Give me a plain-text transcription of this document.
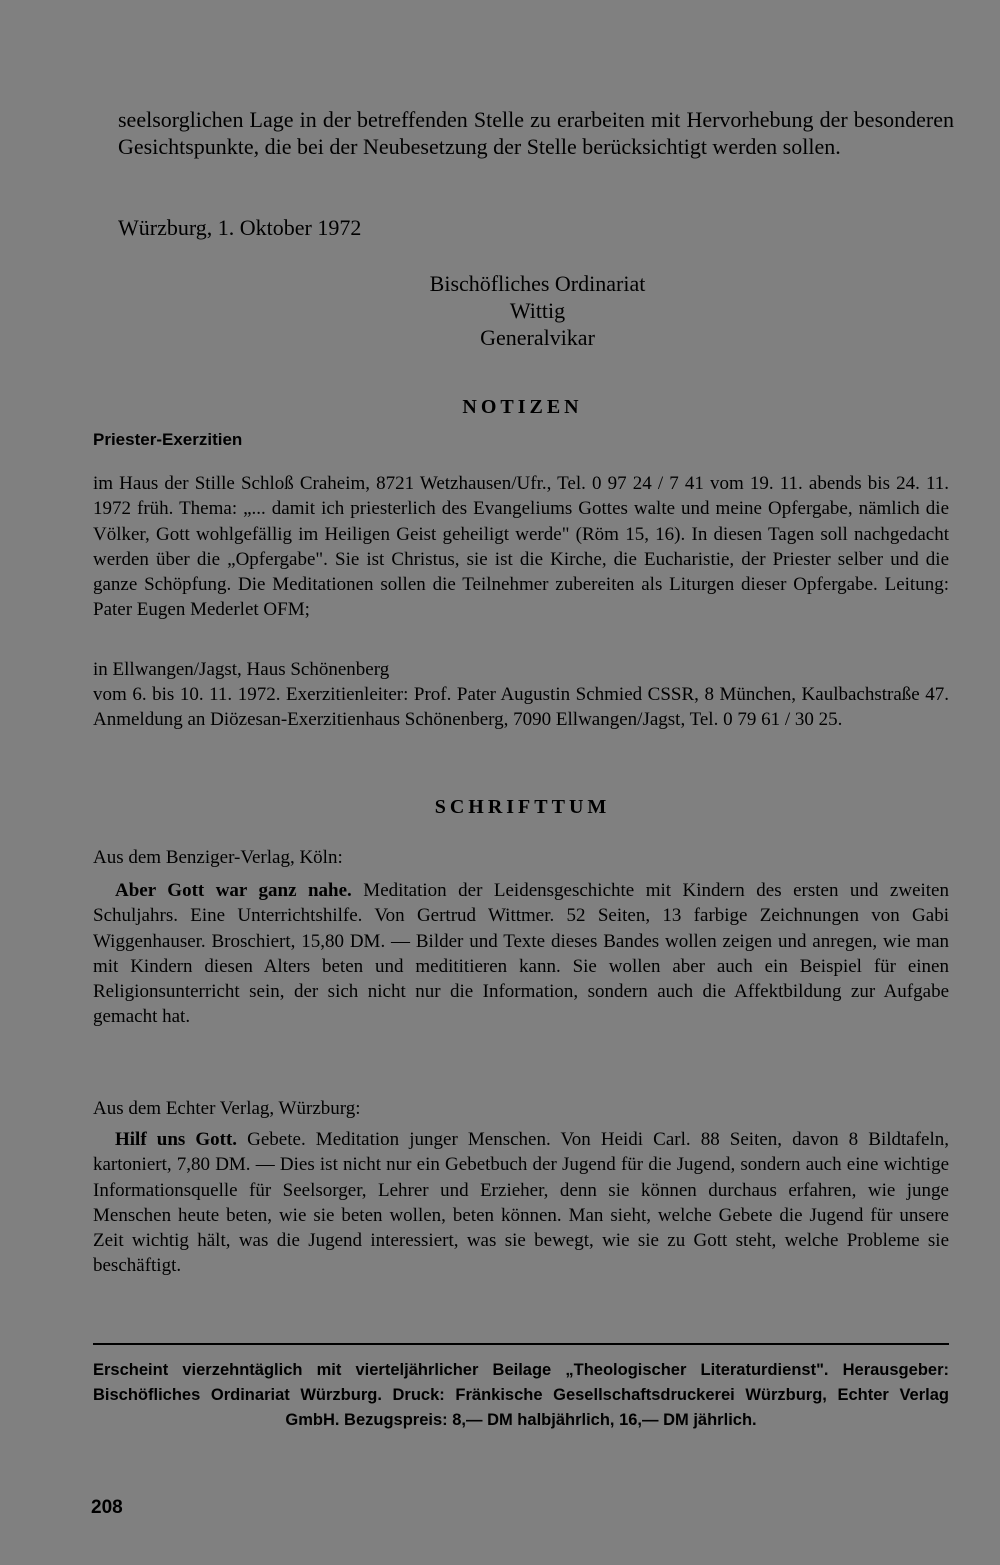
seelsorglichen Lage in der betreffenden Stelle zu erarbeiten mit Hervorhebung der besonderen Gesichtspunkte, die bei der Neubesetzung der Stelle berücksichtigt werden sollen.

Würzburg, 1. Oktober 1972
Bischöfliches Ordinariat
Wittig
Generalvikar
NOTIZEN
Priester-Exerzitien

im Haus der Stille Schloß Craheim, 8721 Wetzhausen/Ufr., Tel. 0 97 24 / 7 41 vom 19. 11. abends bis 24. 11. 1972 früh. Thema: „... damit ich priesterlich des Evangeliums Gottes walte und meine Opfergabe, nämlich die Völker, Gott wohlgefällig im Heiligen Geist geheiligt werde" (Röm 15, 16). In diesen Tagen soll nachgedacht werden über die „Opfergabe". Sie ist Christus, sie ist die Kirche, die Eucharistie, der Priester selber und die ganze Schöpfung. Die Meditationen sollen die Teilnehmer zubereiten als Liturgen dieser Opfergabe. Leitung: Pater Eugen Mederlet OFM;

in Ellwangen/Jagst, Haus Schönenberg

vom 6. bis 10. 11. 1972. Exerzitienleiter: Prof. Pater Augustin Schmied CSSR, 8 München, Kaulbachstraße 47. Anmeldung an Diözesan-Exerzitienhaus Schönenberg, 7090 Ellwangen/Jagst, Tel. 0 79 61 / 30 25.

SCHRIFTTUM
Aus dem Benziger-Verlag, Köln:

Aber Gott war ganz nahe. Meditation der Leidensgeschichte mit Kindern des ersten und zweiten Schuljahrs. Eine Unterrichtshilfe. Von Gertrud Wittmer. 52 Seiten, 13 farbige Zeichnungen von Gabi Wiggenhauser. Broschiert, 15,80 DM. — Bilder und Texte dieses Bandes wollen zeigen und anregen, wie man mit Kindern diesen Alters beten und medititieren kann. Sie wollen aber auch ein Beispiel für einen Religionsunterricht sein, der sich nicht nur die Information, sondern auch die Affektbildung zur Aufgabe gemacht hat.

Aus dem Echter Verlag, Würzburg:

Hilf uns Gott. Gebete. Meditation junger Menschen. Von Heidi Carl. 88 Seiten, davon 8 Bildtafeln, kartoniert, 7,80 DM. — Dies ist nicht nur ein Gebetbuch der Jugend für die Jugend, sondern auch eine wichtige Informationsquelle für Seelsorger, Lehrer und Erzieher, denn sie können durchaus erfahren, wie junge Menschen heute beten, wie sie beten wollen, beten können. Man sieht, welche Gebete die Jugend für unsere Zeit wichtig hält, was die Jugend interessiert, was sie bewegt, wie sie zu Gott steht, welche Probleme sie beschäftigt.

Erscheint vierzehntäglich mit vierteljährlicher Beilage „Theologischer Literaturdienst". Herausgeber: Bischöfliches Ordinariat Würzburg. Druck: Fränkische Gesellschaftsdruckerei Würzburg, Echter Verlag GmbH. Bezugspreis: 8,— DM halbjährlich, 16,— DM jährlich.

208
